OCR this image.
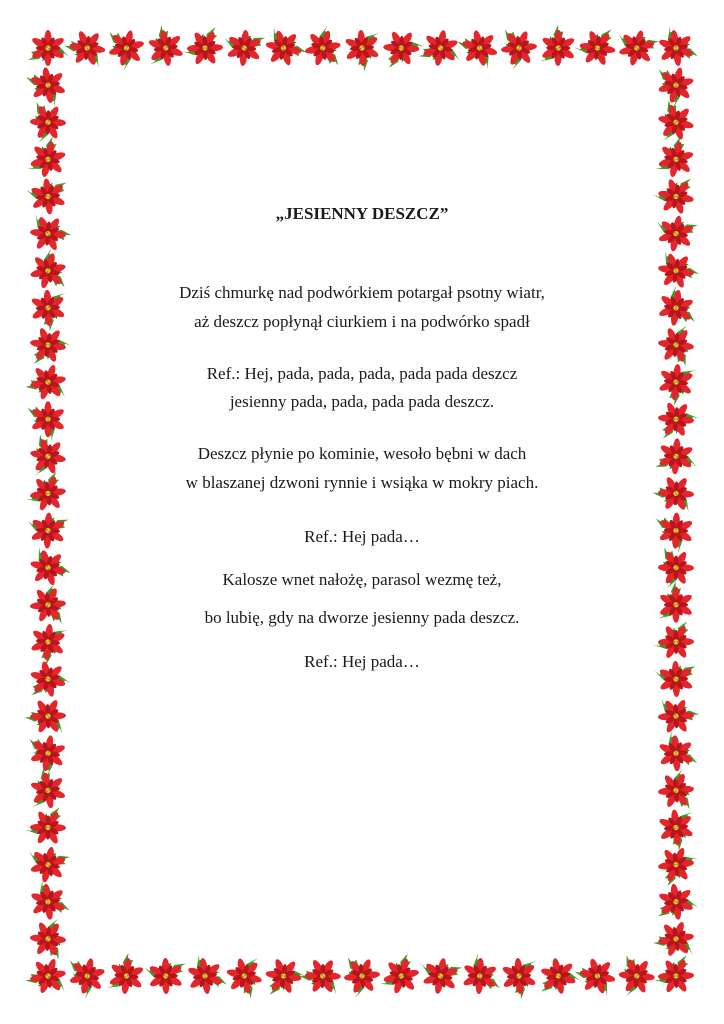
„JESIENNY DESZCZ”
Dziś chmurkę nad podwórkiem potargał psotny wiatr,
aż deszcz popłynął ciurkiem i na podwórko spadł
Ref.: Hej, pada, pada, pada, pada pada deszcz
jesienny pada, pada, pada pada deszcz.
Deszcz płynie po kominie, wesoło bębni w dach
w blaszanej dzwoni rynnie i wsiąka w mokry piach.
Ref.: Hej pada…
Kalosze wnet nałożę, parasol wezmę też,
bo lubię, gdy na dworze jesienny pada deszcz.
Ref.: Hej pada…
